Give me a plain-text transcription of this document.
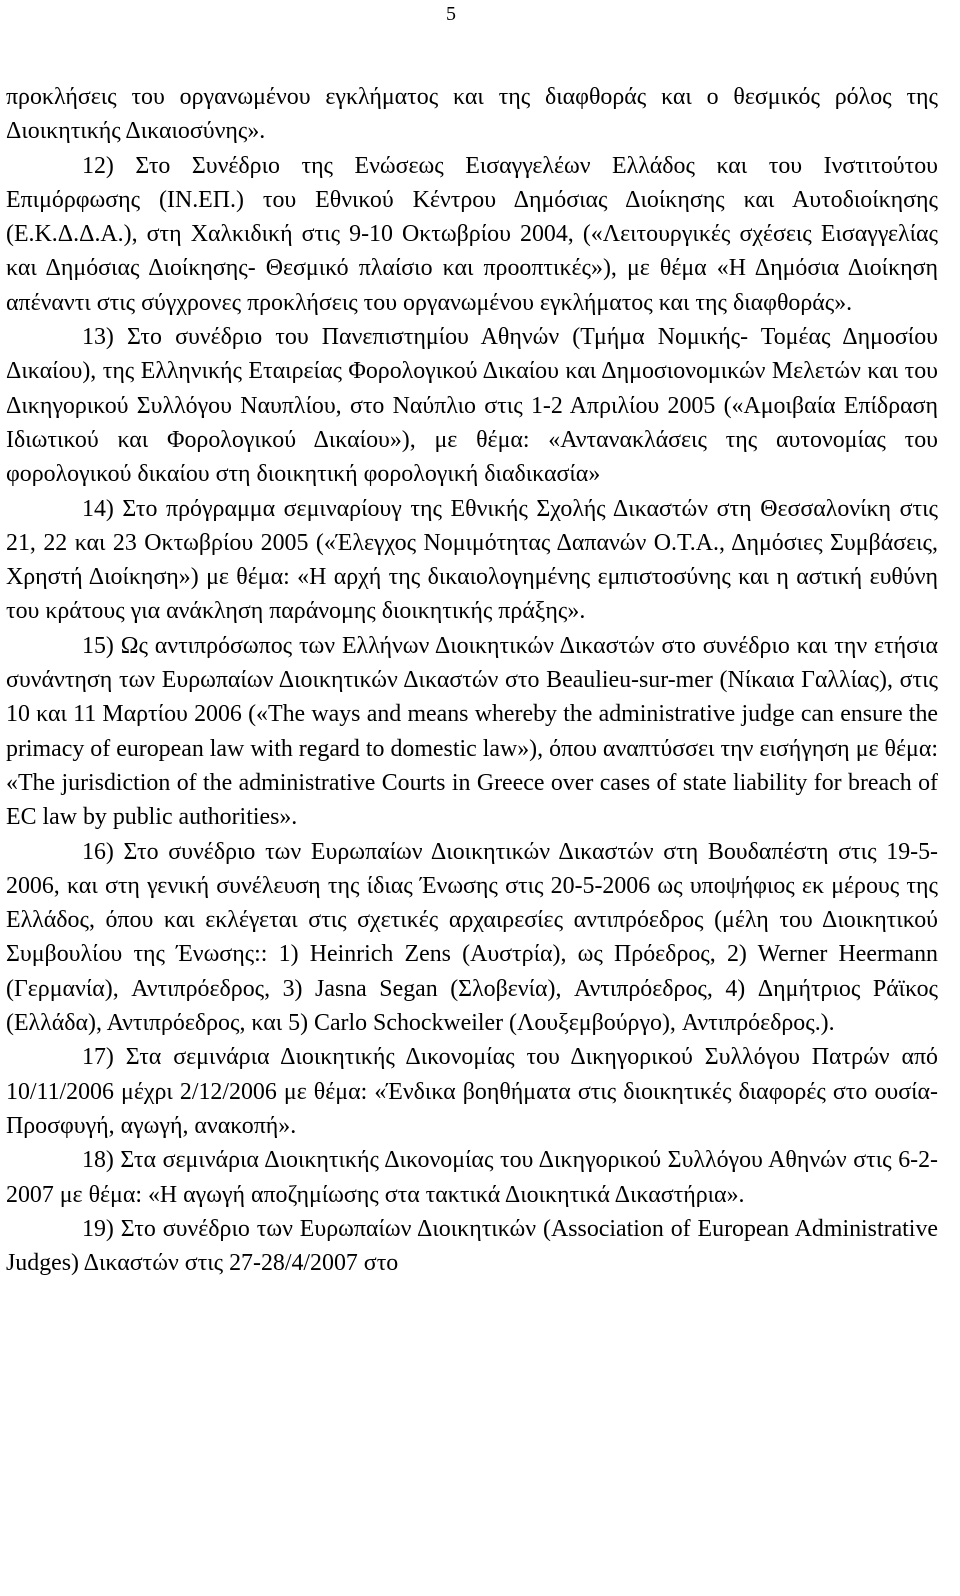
5

προκλήσεις του οργανωμένου εγκλήματος και της διαφθοράς και ο θεσμικός ρόλος της Διοικητικής Δικαιοσύνης».

12) Στο Συνέδριο της Ενώσεως Εισαγγελέων Ελλάδος και του Ινστιτούτου Επιμόρφωσης (ΙΝ.ΕΠ.) του Εθνικού Κέντρου Δημόσιας Διοίκησης και Αυτοδιοίκησης (Ε.Κ.Δ.Δ.Α.), στη Χαλκιδική στις 9-10 Οκτωβρίου 2004, («Λειτουργικές σχέσεις Εισαγγελίας και Δημόσιας Διοίκησης- Θεσμικό πλαίσιο και προοπτικές»), με θέμα «Η Δημόσια Διοίκηση απέναντι στις σύγχρονες προκλήσεις του οργανωμένου εγκλήματος και της διαφθοράς».

13) Στο συνέδριο του Πανεπιστημίου Αθηνών (Τμήμα Νομικής- Τομέας Δημοσίου Δικαίου), της Ελληνικής Εταιρείας Φορολογικού Δικαίου και Δημοσιονομικών Μελετών και του Δικηγορικού Συλλόγου Ναυπλίου, στο Ναύπλιο στις 1-2 Απριλίου 2005 («Αμοιβαία Επίδραση Ιδιωτικού και Φορολογικού Δικαίου»), με θέμα: «Αντανακλάσεις της αυτονομίας του φορολογικού δικαίου στη διοικητική φορολογική διαδικασία»

14) Στο πρόγραμμα σεμιναρίουγ της Εθνικής Σχολής Δικαστών στη Θεσσαλονίκη στις 21, 22 και 23 Οκτωβρίου 2005 («Έλεγχος Νομιμότητας Δαπανών Ο.Τ.Α., Δημόσιες Συμβάσεις, Χρηστή Διοίκηση») με θέμα: «Η αρχή της δικαιολογημένης εμπιστοσύνης και η αστική ευθύνη του κράτους για ανάκληση παράνομης διοικητικής πράξης».

15) Ως αντιπρόσωπος των Ελλήνων Διοικητικών Δικαστών στο συνέδριο και την ετήσια συνάντηση των Ευρωπαίων Διοικητικών Δικαστών στο Beaulieu-sur-mer (Νίκαια Γαλλίας), στις 10 και 11 Μαρτίου 2006 («The ways and means whereby the administrative judge can ensure the primacy of european law with regard to domestic law»), όπου αναπτύσσει την εισήγηση με θέμα: «The jurisdiction of the administrative Courts in Greece over cases of state liability for breach of EC law by public authorities».

16) Στο συνέδριο των Ευρωπαίων Διοικητικών Δικαστών στη Βουδαπέστη στις 19-5-2006, και στη γενική συνέλευση της ίδιας Ένωσης στις 20-5-2006 ως υποψήφιος εκ μέρους της Ελλάδος, όπου και εκλέγεται στις σχετικές αρχαιρεσίες αντιπρόεδρος (μέλη του Διοικητικού Συμβουλίου της Ένωσης:: 1) Heinrich Zens (Αυστρία), ως Πρόεδρος, 2) Werner Heermann (Γερμανία), Αντιπρόεδρος, 3) Jasna Segan (Σλοβενία), Αντιπρόεδρος, 4) Δημήτριος Ράϊκος (Ελλάδα), Αντιπρόεδρος, και 5) Carlo Schockweiler (Λουξεμβούργο), Αντιπρόεδρος.).

17) Στα σεμινάρια Διοικητικής Δικονομίας του Δικηγορικού Συλλόγου Πατρών από 10/11/2006 μέχρι 2/12/2006 με θέμα: «Ένδικα βοηθήματα στις διοικητικές διαφορές στο ουσία- Προσφυγή, αγωγή, ανακοπή».

18) Στα σεμινάρια Διοικητικής Δικονομίας του Δικηγορικού Συλλόγου Αθηνών στις 6-2-2007 με θέμα: «Η αγωγή αποζημίωσης στα τακτικά Διοικητικά Δικαστήρια».

19) Στο συνέδριο των Ευρωπαίων Διοικητικών (Association of European Administrative Judges) Δικαστών στις 27-28/4/2007 στο
